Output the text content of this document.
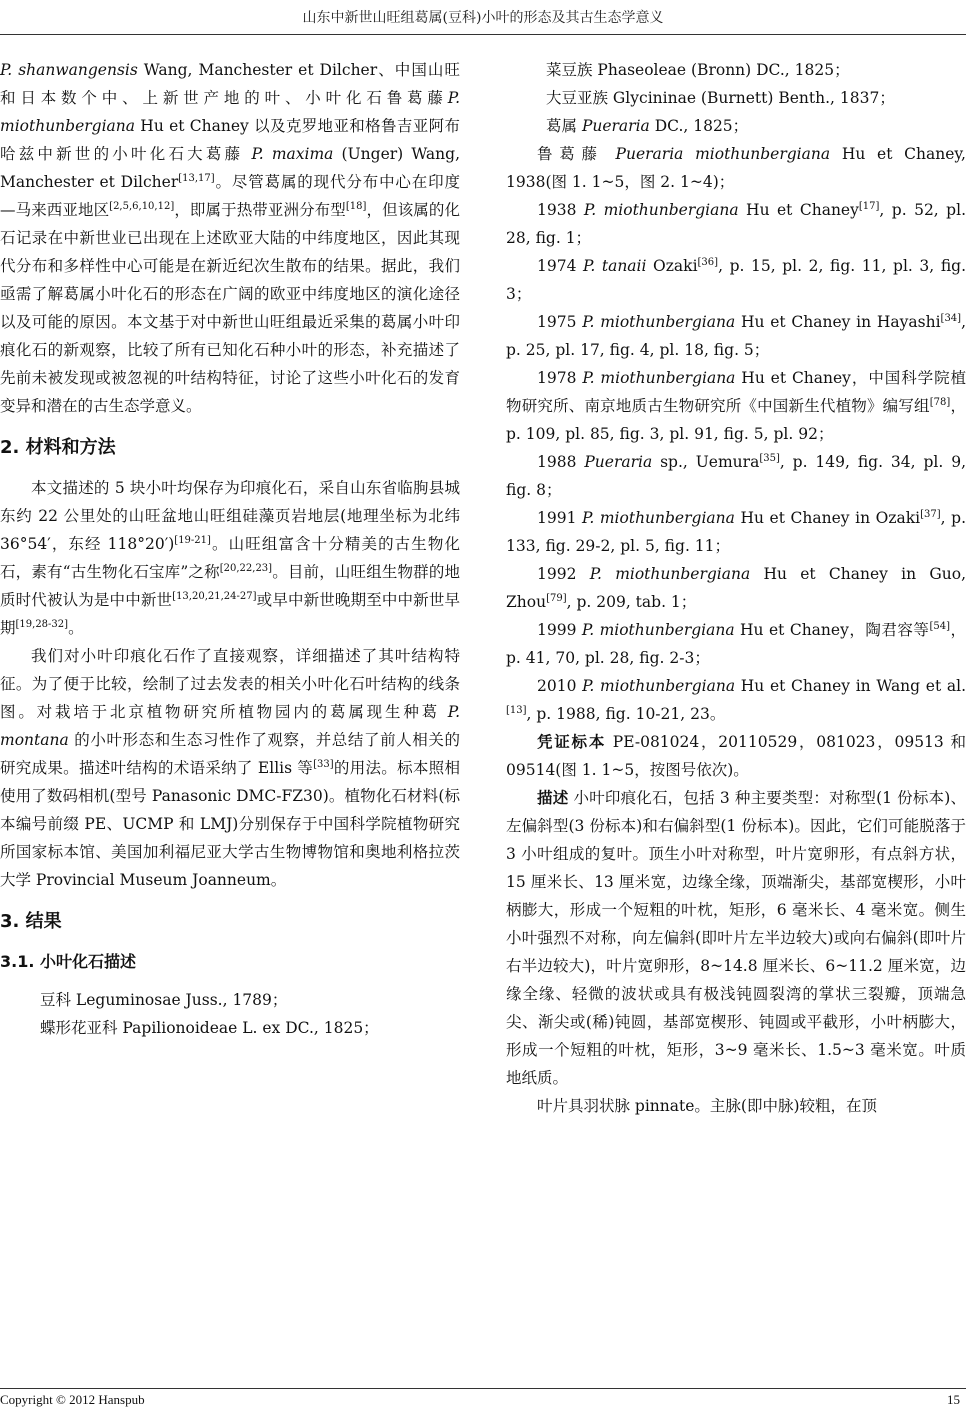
山东中新世山旺组葛属(豆科)小叶的形态及其古生态学意义

P. shanwangensis Wang, Manchester et Dilcher、中国山旺和日本数个中、上新世产地的叶、小叶化石鲁葛藤P. miothunbergiana Hu et Chaney 以及克罗地亚和格鲁吉亚阿布哈兹中新世的小叶化石大葛藤 P. maxima (Unger) Wang, Manchester et Dilcher[13,17]。尽管葛属的现代分布中心在印度—马来西亚地区[2,5,6,10,12]，即属于热带亚洲分布型[18]，但该属的化石记录在中新世业已出现在上述欧亚大陆的中纬度地区，因此其现代分布和多样性中心可能是在新近纪次生散布的结果。据此，我们亟需了解葛属小叶化石的形态在广阔的欧亚中纬度地区的演化途径以及可能的原因。本文基于对中新世山旺组最近采集的葛属小叶印痕化石的新观察，比较了所有已知化石种小叶的形态，补充描述了先前未被发现或被忽视的叶结构特征，讨论了这些小叶化石的发育变异和潜在的古生态学意义。

2. 材料和方法

本文描述的 5 块小叶均保存为印痕化石，采自山东省临朐县城东约 22 公里处的山旺盆地山旺组硅藻页岩地层(地理坐标为北纬 36°54′，东经 118°20′)[19-21]。山旺组富含十分精美的古生物化石，素有“古生物化石宝库”之称[20,22,23]。目前，山旺组生物群的地质时代被认为是中中新世[13,20,21,24-27]或早中新世晚期至中中新世早期[19,28-32]。

我们对小叶印痕化石作了直接观察，详细描述了其叶结构特征。为了便于比较，绘制了过去发表的相关小叶化石叶结构的线条图。对栽培于北京植物研究所植物园内的葛属现生种葛 P. montana 的小叶形态和生态习性作了观察，并总结了前人相关的研究成果。描述叶结构的术语采纳了 Ellis 等[33]的用法。标本照相使用了数码相机(型号 Panasonic DMC-FZ30)。植物化石材料(标本编号前缀 PE、UCMP 和 LMJ)分别保存于中国科学院植物研究所国家标本馆、美国加利福尼亚大学古生物博物馆和奥地利格拉茨大学 Provincial Museum Joanneum。

3. 结果
3.1. 小叶化石描述

豆科 Leguminosae Juss., 1789；

蝶形花亚科 Papilionoideae L. ex DC., 1825；

菜豆族 Phaseoleae (Bronn) DC., 1825；

大豆亚族 Glycininae (Burnett) Benth., 1837；

葛属 Pueraria DC., 1825；

鲁葛藤 Pueraria miothunbergiana Hu et Chaney, 1938(图 1. 1~5，图 2. 1~4)；

1938 P. miothunbergiana Hu et Chaney[17], p. 52, pl. 28, fig. 1；

1974 P. tanaii Ozaki[36], p. 15, pl. 2, fig. 11, pl. 3, fig. 3；

1975 P. miothunbergiana Hu et Chaney in Hayashi[34], p. 25, pl. 17, fig. 4, pl. 18, fig. 5；

1978 P. miothunbergiana Hu et Chaney，中国科学院植物研究所、南京地质古生物研究所《中国新生代植物》编写组[78]，p. 109, pl. 85, fig. 3, pl. 91, fig. 5, pl. 92；

1988 Pueraria sp., Uemura[35], p. 149, fig. 34, pl. 9, fig. 8；

1991 P. miothunbergiana Hu et Chaney in Ozaki[37], p. 133, fig. 29-2, pl. 5, fig. 11；

1992 P. miothunbergiana Hu et Chaney in Guo, Zhou[79], p. 209, tab. 1；

1999 P. miothunbergiana Hu et Chaney，陶君容等[54]， p. 41, 70, pl. 28, fig. 2-3；

2010 P. miothunbergiana Hu et Chaney in Wang et al.[13], p. 1988, fig. 10-21, 23。

凭证标本 PE-081024，20110529，081023，09513 和 09514(图 1. 1~5，按图号依次)。

描述 小叶印痕化石，包括 3 种主要类型：对称型(1 份标本)、左偏斜型(3 份标本)和右偏斜型(1 份标本)。因此，它们可能脱落于 3 小叶组成的复叶。顶生小叶对称型，叶片宽卵形，有点斜方状，15 厘米长、13 厘米宽，边缘全缘，顶端渐尖，基部宽楔形，小叶柄膨大，形成一个短粗的叶枕，矩形，6 毫米长、4 毫米宽。侧生小叶强烈不对称，向左偏斜(即叶片左半边较大)或向右偏斜(即叶片右半边较大)，叶片宽卵形，8~14.8 厘米长、6~11.2 厘米宽，边缘全缘、轻微的波状或具有极浅钝圆裂湾的掌状三裂瓣，顶端急尖、渐尖或(稀)钝圆，基部宽楔形、钝圆或平截形，小叶柄膨大，形成一个短粗的叶枕，矩形，3~9 毫米长、1.5~3 毫米宽。叶质地纸质。

叶片具羽状脉 pinnate。主脉(即中脉)较粗，在顶

Copyright © 2012 Hanspub	15
